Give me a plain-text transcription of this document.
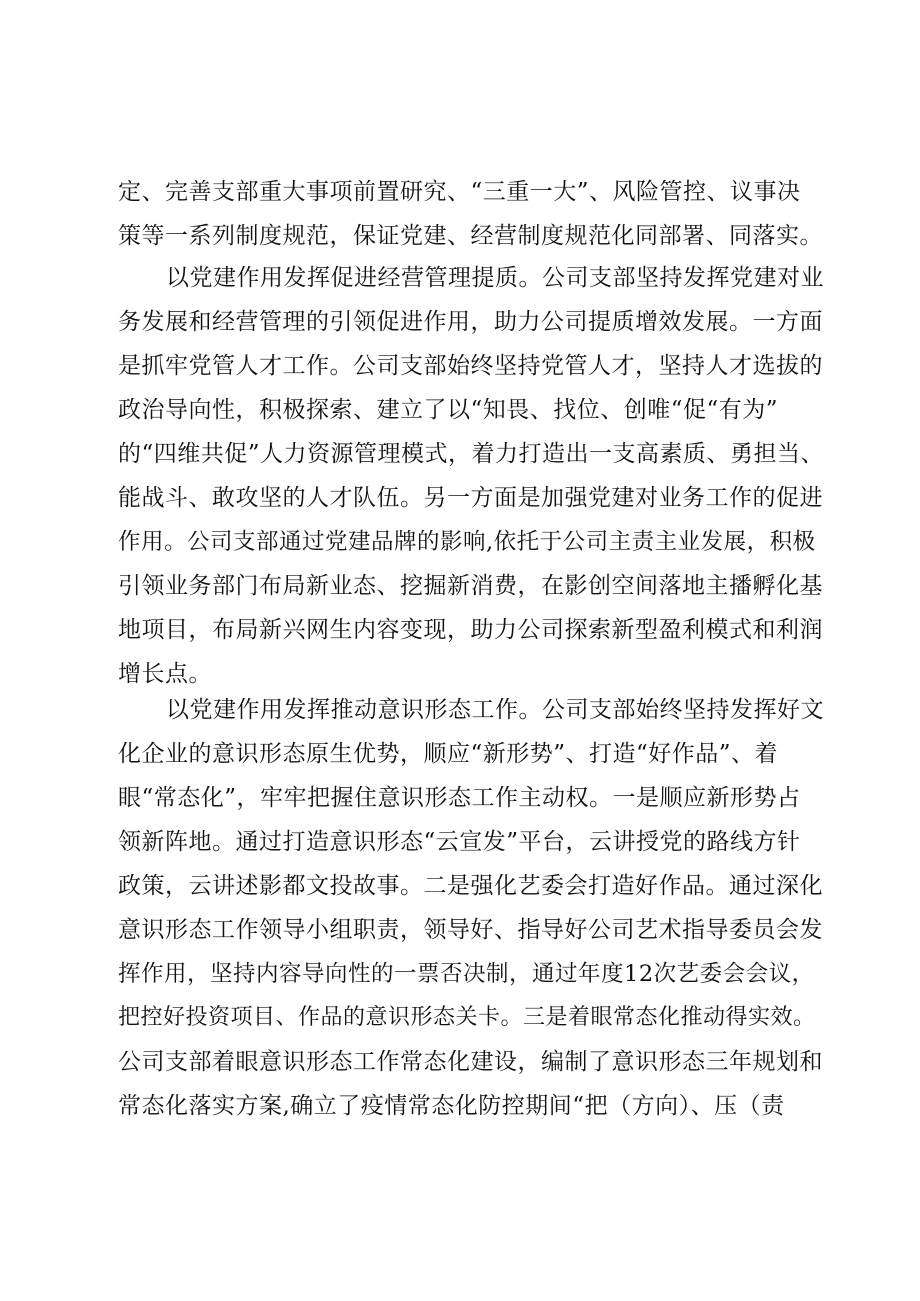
定、完善支部重大事项前置研究、“三重一大”、风险管控、议事决
策等一系列制度规范，保证党建、经营制度规范化同部署、同落实。
以党建作用发挥促进经营管理提质。公司支部坚持发挥党建对业
务发展和经营管理的引领促进作用，助力公司提质增效发展。一方面
是抓牢党管人才工作。公司支部始终坚持党管人才，坚持人才选拔的
政治导向性，积极探索、建立了以“知畏、找位、创唯“促“有为”
的“四维共促”人力资源管理模式，着力打造出一支高素质、勇担当、
能战斗、敢攻坚的人才队伍。另一方面是加强党建对业务工作的促进
作用。公司支部通过党建品牌的影响,依托于公司主责主业发展，积极
引领业务部门布局新业态、挖掘新消费，在影创空间落地主播孵化基
地项目，布局新兴网生内容变现，助力公司探索新型盈利模式和利润
增长点。
以党建作用发挥推动意识形态工作。公司支部始终坚持发挥好文
化企业的意识形态原生优势，顺应“新形势”、打造“好作品”、着
眼“常态化”，牢牢把握住意识形态工作主动权。一是顺应新形势占
领新阵地。通过打造意识形态“云宣发”平台，云讲授党的路线方针
政策，云讲述影都文投故事。二是强化艺委会打造好作品。通过深化
意识形态工作领导小组职责，领导好、指导好公司艺术指导委员会发
挥作用，坚持内容导向性的一票否决制，通过年度12次艺委会会议，
把控好投资项目、作品的意识形态关卡。三是着眼常态化推动得实效。
公司支部着眼意识形态工作常态化建设，编制了意识形态三年规划和
常态化落实方案,确立了疫情常态化防控期间“把（方向）、压（责
